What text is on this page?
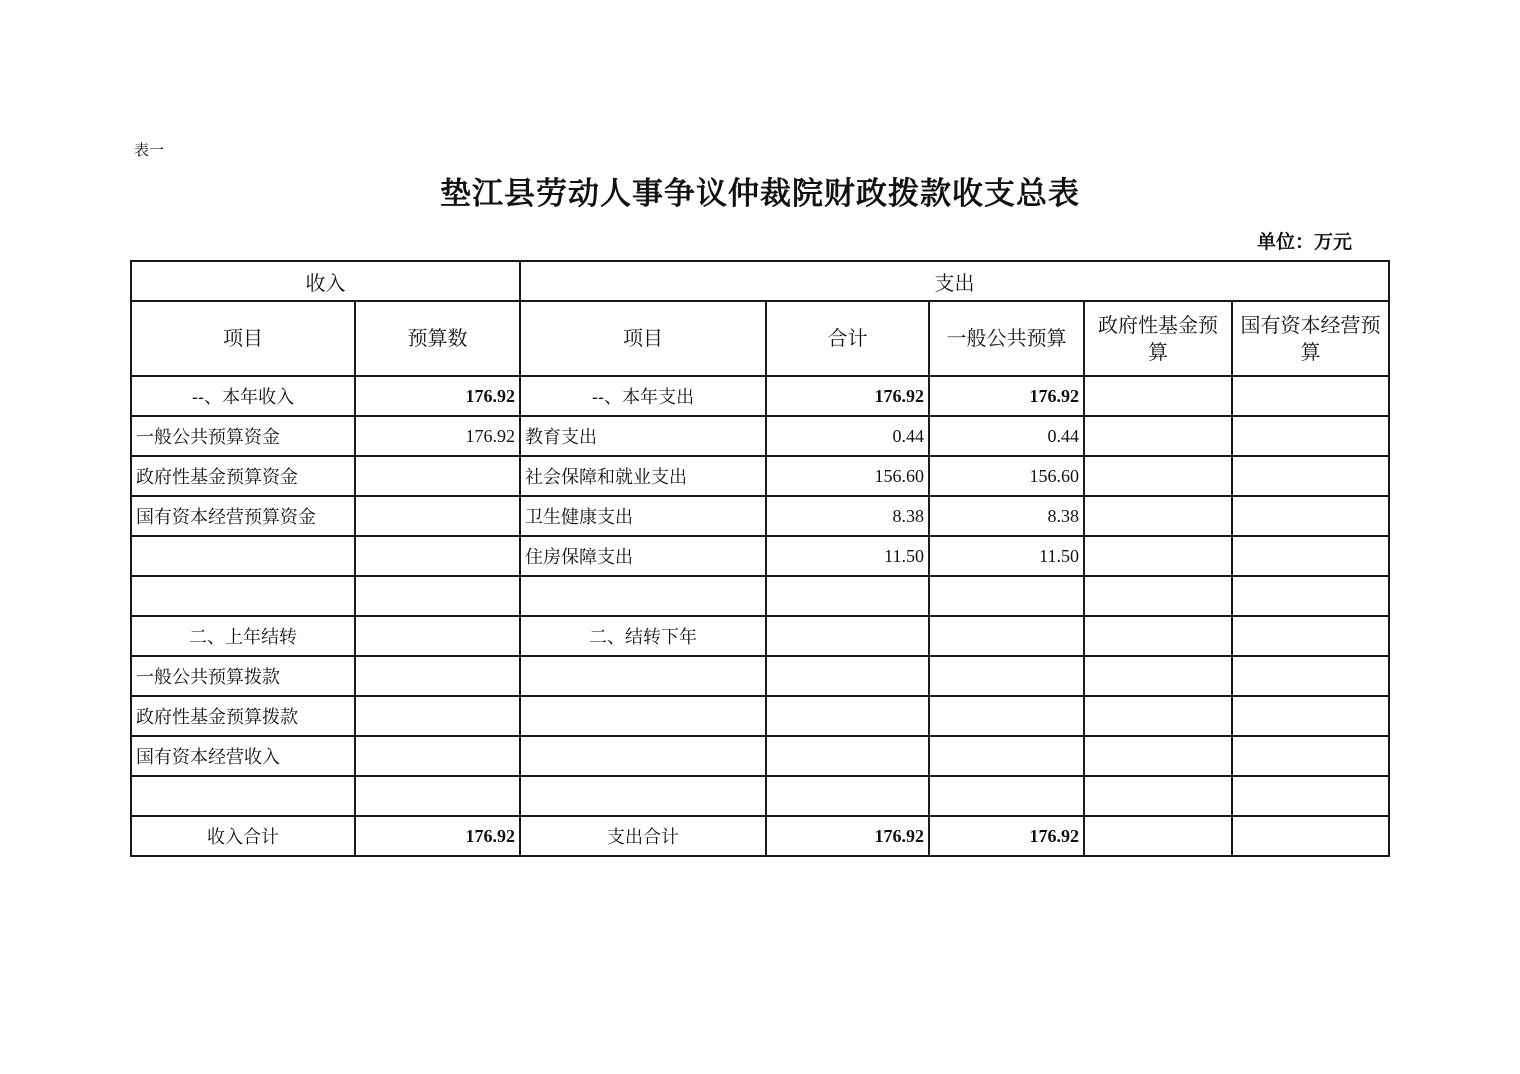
表一
垫江县劳动人事争议仲裁院财政拨款收支总表
单位：万元
收入		支出				
项目	预算数	项目	合计	一般公共预算	政府性基金预算	国有资本经营预算
--、本年收入	176.92	--、本年支出	176.92	176.92		
一般公共预算资金	176.92	教育支出	0.44	0.44		
政府性基金预算资金		社会保障和就业支出	156.60	156.60		
国有资本经营预算资金		卫生健康支出	8.38	8.38		
		住房保障支出	11.50	11.50		

二、上年结转		二、结转下年				
一般公共预算拨款						
政府性基金预算拨款						
国有资本经营收入						

收入合计	176.92	支出合计	176.92	176.92		
